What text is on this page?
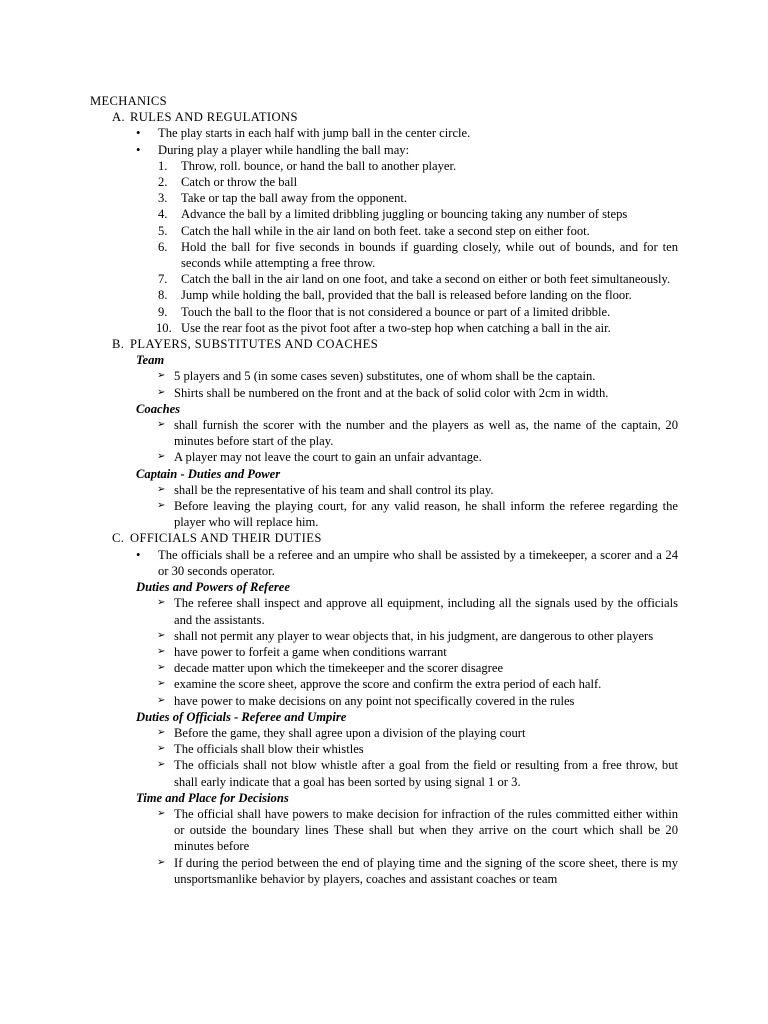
MECHANICS
A. RULES AND REGULATIONS
• The play starts in each half with jump ball in the center circle.
• During play a player while handling the ball may:
1.	Throw, roll. bounce, or hand the ball to another player.
2.	Catch or throw the ball
3.	Take or tap the ball away from the opponent.
4.	Advance the ball by a limited dribbling juggling or bouncing taking any number of steps
5.	Catch the hall while in the air land on both feet. take a second step on either foot.
6.	Hold the ball for five seconds in bounds if guarding closely, while out of bounds, and for ten seconds while attempting a free throw.
7.	Catch the ball in the air land on one foot, and take a second on either or both feet simultaneously.
8.	Jump while holding the ball, provided that the ball is released before landing on the floor.
9.	Touch the ball to the floor that is not considered a bounce or part of a limited dribble.
10. Use the rear foot as the pivot foot after a two-step hop when catching a ball in the air.
B. PLAYERS, SUBSTITUTES AND COACHES
Team
➢ 5 players and 5 (in some cases seven) substitutes, one of whom shall be the captain.
➢ Shirts shall be numbered on the front and at the back of solid color with 2cm in width.
Coaches
➢ shall furnish the scorer with the number and the players as well as, the name of the captain, 20 minutes before start of the play.
➢ A player may not leave the court to gain an unfair advantage.
Captain - Duties and Power
➢ shall be the representative of his team and shall control its play.
➢ Before leaving the playing court, for any valid reason, he shall inform the referee regarding the player who will replace him.
C. OFFICIALS AND THEIR DUTIES
• The officials shall be a referee and an umpire who shall be assisted by a timekeeper, a scorer and a 24 or 30 seconds operator.
Duties and Powers of Referee
➢ The referee shall inspect and approve all equipment, including all the signals used by the officials and the assistants.
➢ shall not permit any player to wear objects that, in his judgment, are dangerous to other players
➢ have power to forfeit a game when conditions warrant
➢ decade matter upon which the timekeeper and the scorer disagree
➢ examine the score sheet, approve the score and confirm the extra period of each half.
➢ have power to make decisions on any point not specifically covered in the rules
Duties of Officials - Referee and Umpire
➢ Before the game, they shall agree upon a division of the playing court
➢ The officials shall blow their whistles
➢ The officials shall not blow whistle after a goal from the field or resulting from a free throw, but shall early indicate that a goal has been sorted by using signal 1 or 3.
Time and Place for Decisions
➢ The official shall have powers to make decision for infraction of the rules committed either within or outside the boundary lines These shall but when they arrive on the court which shall be 20 minutes before
➢ If during the period between the end of playing time and the signing of the score sheet, there is my unsportsmanlike behavior by players, coaches and assistant coaches or team
